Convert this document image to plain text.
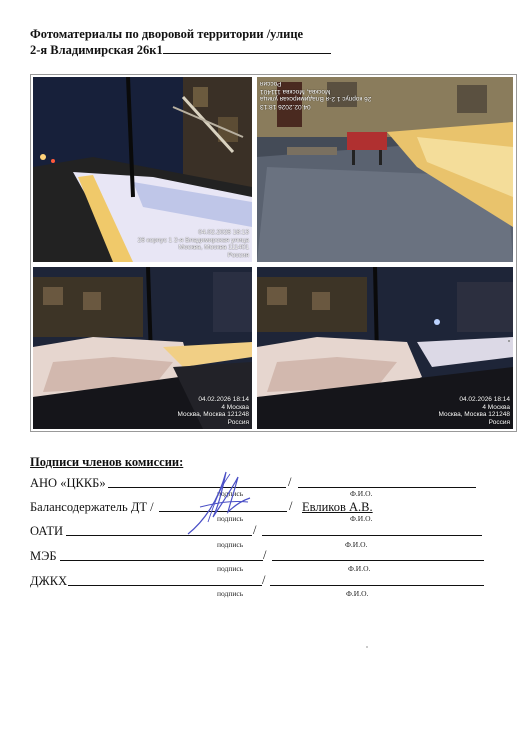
Фотоматериалы по дворовой территории /улице
2-я Владимирская 26к1
04.02.2026 18:13
26 корпус 1 2-я Владимирская улица
Москва, Москва 111401
Россия
04.02.2026 18:13
26 корпус 1 2-я Владимирская улица
Москва, Москва 111401
Россия
04.02.2026 18:14
4 Москва
Москва, Москва 121248
Россия
04.02.2026 18:14
4 Москва
Москва, Москва 121248
Россия
Подписи членов комиссии:
АНО «ЦККБ»	/
подпись	Ф.И.О.
Балансодержатель ДТ /	/ Евликов А.В.
подпись	Ф.И.О.
ОАТИ	/
подпись	Ф.И.О.
МЭБ	/
подпись	Ф.И.О.
ДЖКХ	/
подпись	Ф.И.О.
